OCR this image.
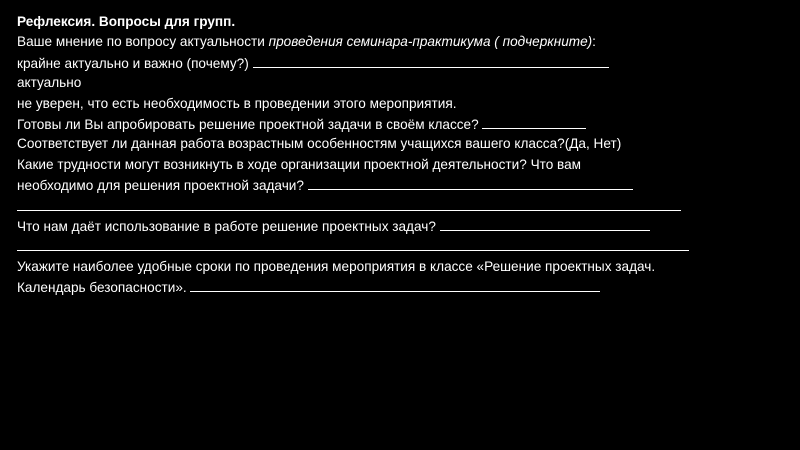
Рефлексия. Вопросы для групп.
Ваше мнение по вопросу актуальности проведения семинара-практикума ( подчеркните):
крайне актуально и важно (почему?)
актуально
не уверен, что есть необходимость в проведении этого мероприятия.
Готовы ли Вы апробировать решение проектной задачи в своём классе?
Соответствует ли данная работа возрастным особенностям учащихся вашего класса?(Да, Нет)
Какие трудности могут возникнуть в ходе организации проектной деятельности? Что вам
необходимо для решения проектной задачи?
Что нам даёт использование в работе решение проектных задач?
Укажите наиболее удобные сроки по проведения мероприятия в классе «Решение проектных задач.
Календарь безопасности».
